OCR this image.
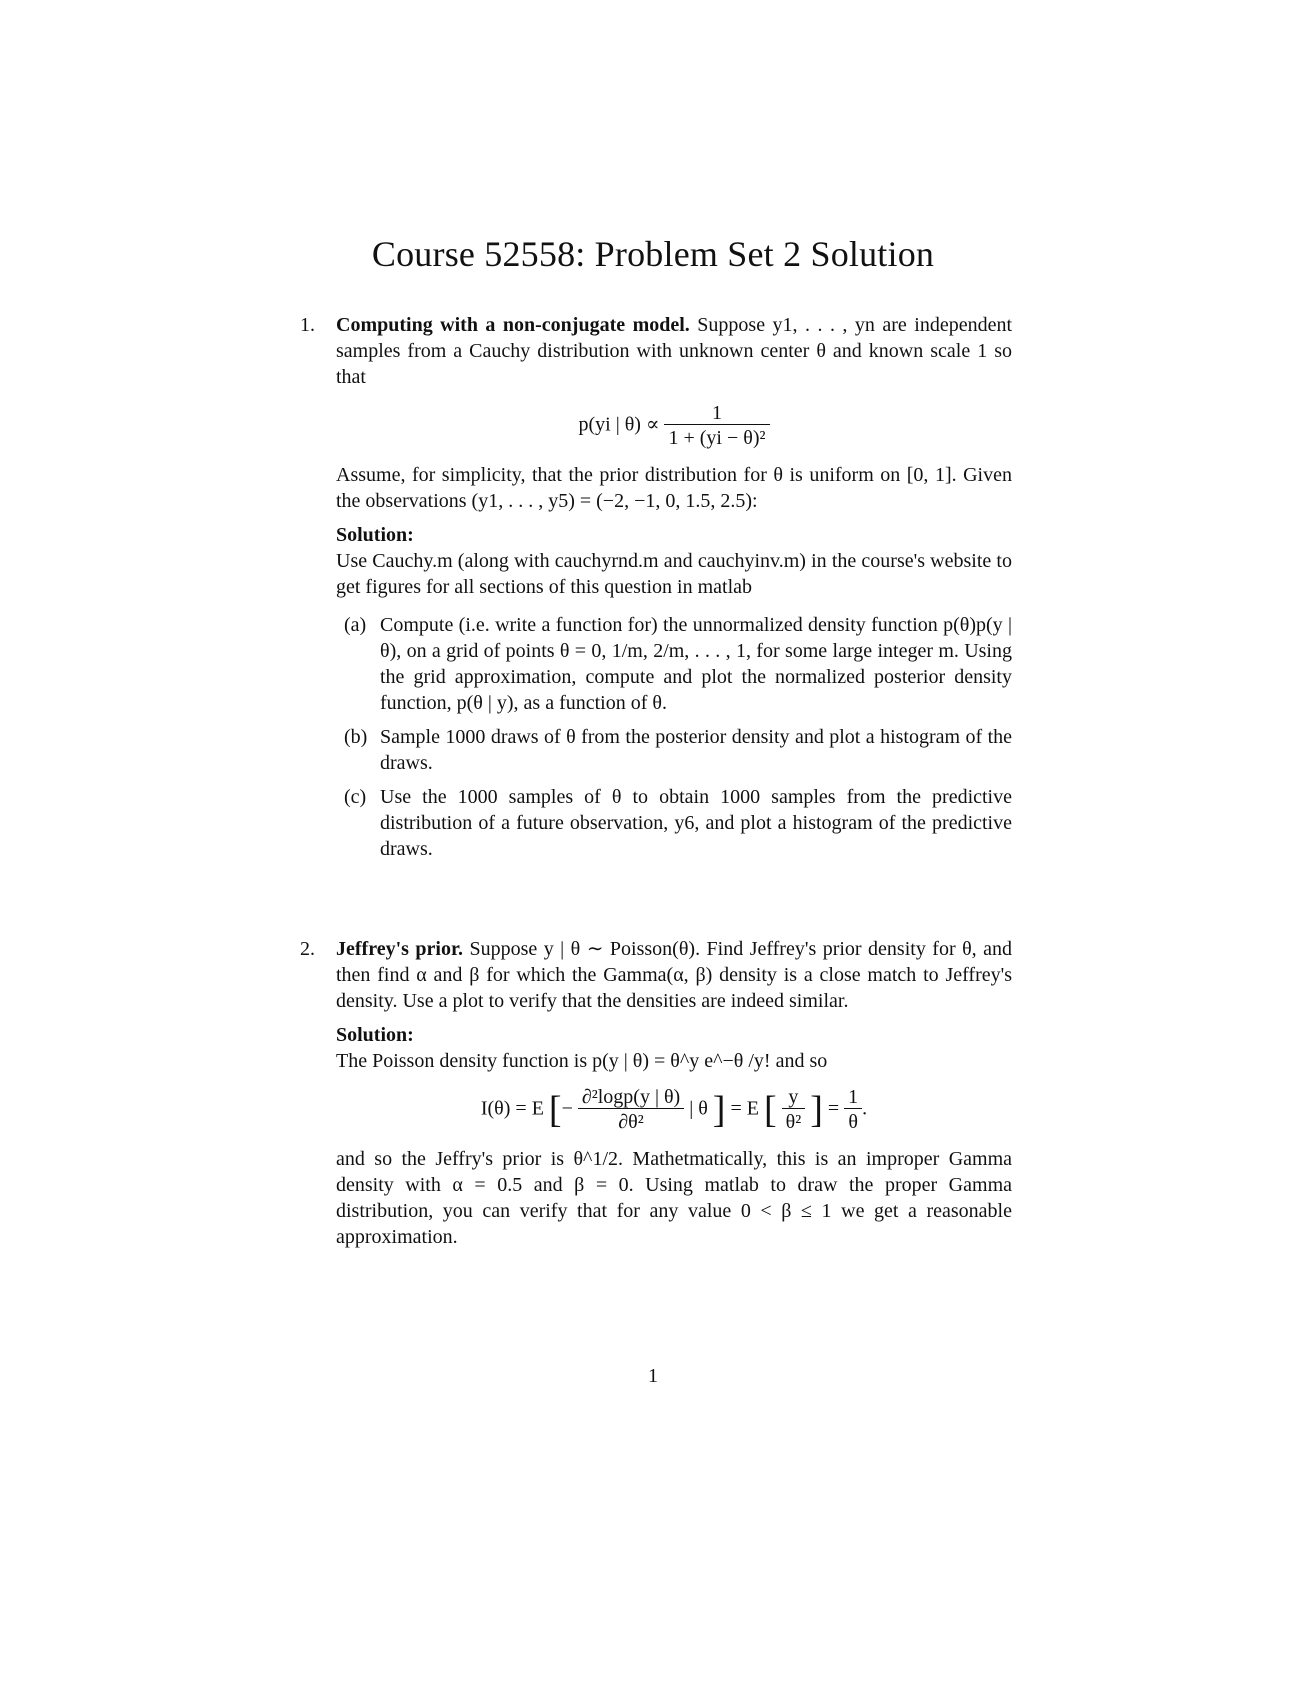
Course 52558: Problem Set 2 Solution
1. Computing with a non-conjugate model. Suppose y1, . . . , yn are independent samples from a Cauchy distribution with unknown center θ and known scale 1 so that

p(yi | $\theta) \propto \frac{1}{\text{1 + (yi − θ)²}}$

Assume, for simplicity, that the prior distribution for θ is uniform on [0, 1]. Given the observations (y1, . . . , y5) = (−2, −1, 0, 1.5, 2.5):

Solution:

Use Cauchy.m (along with cauchyrnd.m and cauchyinv.m) in the course's website to get figures for all sections of this question in matlab

(a) Compute (i.e. write a function for) the unnormalized density function p(θ)p(y | θ), on a grid of points θ = 0, 1/m, 2/m, . . . , 1, for some large integer m. Using the grid approximation, compute and plot the normalized posterior density function, p(θ | y), as a function of θ.
(b) Sample 1000 draws of θ from the posterior density and plot a histogram of the draws.
(c) Use the 1000 samples of θ to obtain 1000 samples from the predictive distribution of a future observation, y6, and plot a histogram of the predictive draws.
2. Jeffrey's prior. Suppose y | θ ∼ Poisson(θ). Find Jeffrey's prior density for θ, and then find α and β for which the Gamma(α, β) density is a close match to Jeffrey's density. Use a plot to verify that the densities are indeed similar.

Solution:

The Poisson density function is p(y | θ) = θ^y e^−θ /y! and so

I(θ) = E [− $\frac{\text{∂²logp(y | θ)}}{\text{∂θ²}}$ | θ ] = E [ $\frac{y}{\text{θ²}}$ ] = $\frac{1}{\theta}$ .

and so the Jeffry's prior is θ^1/2. Mathetmatically, this is an improper Gamma density with α = 0.5 and β = 0. Using matlab to draw the proper Gamma distribution, you can verify that for any value 0 < β ≤ 1 we get a reasonable approximation.

1
